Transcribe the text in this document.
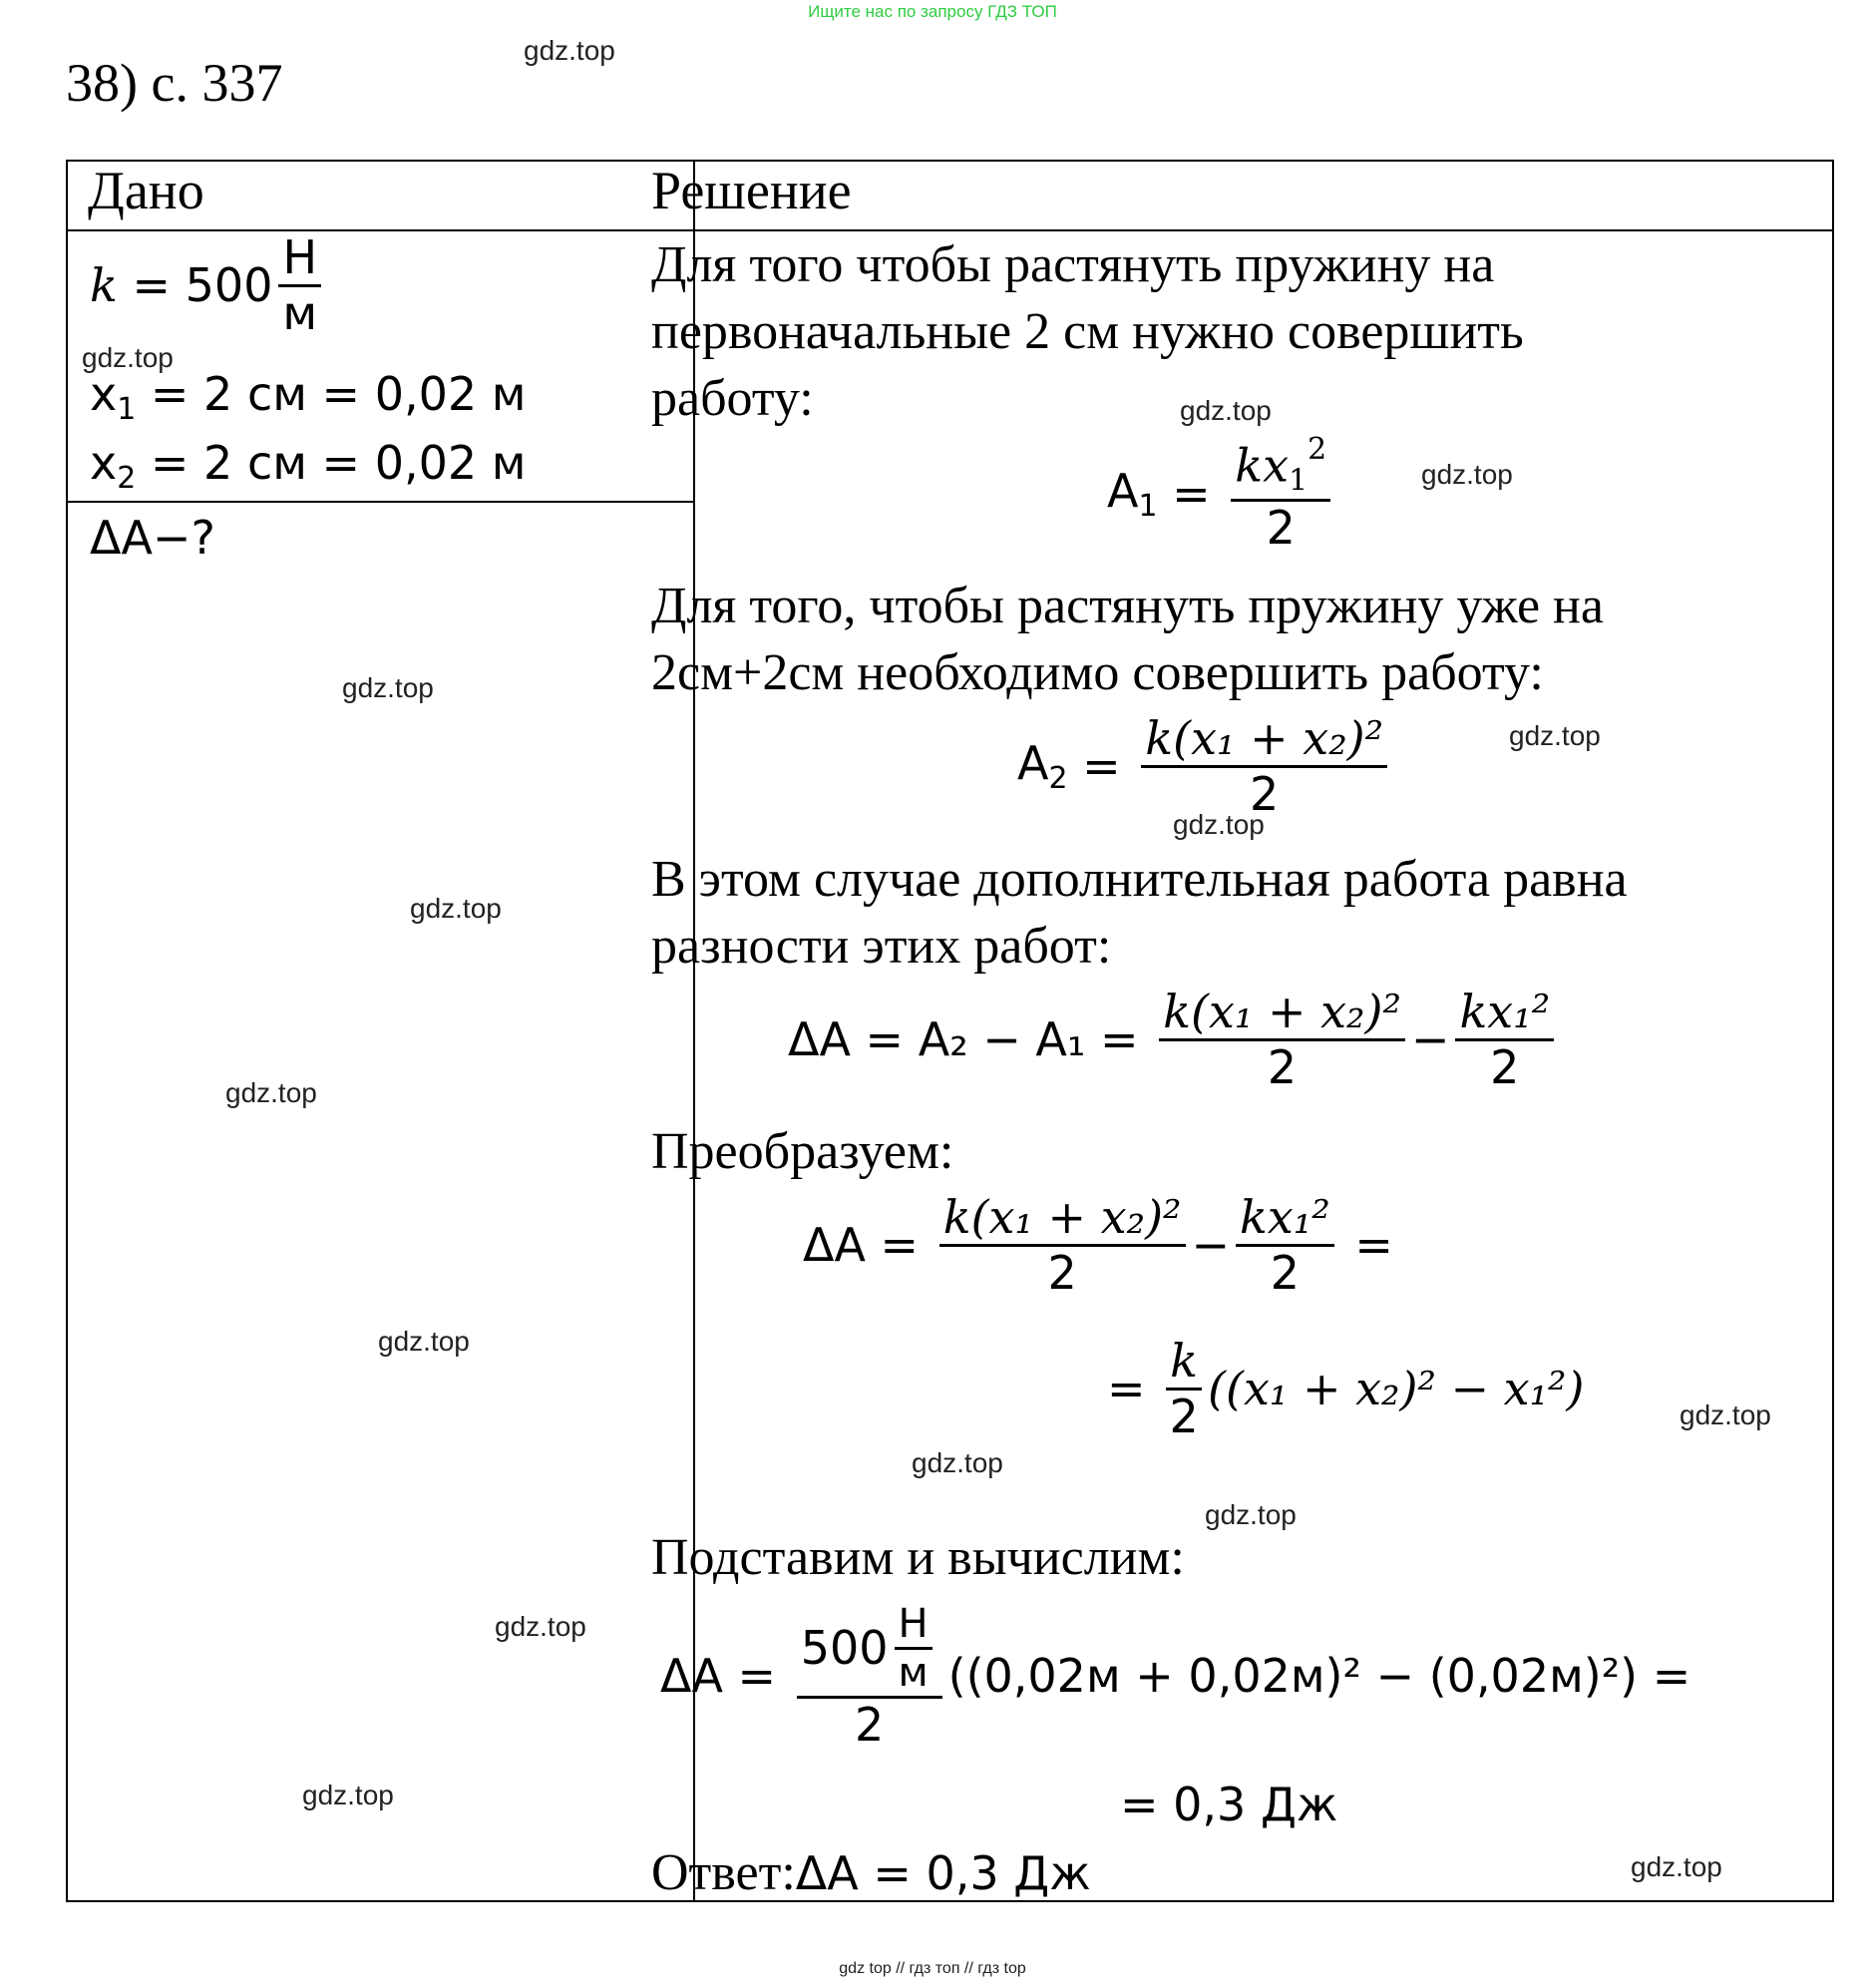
Ищите нас по запросу ГДЗ ТОП
38) с. 337
gdz.top
gdz.top
gdz.top
gdz.top
gdz.top
gdz.top
gdz.top
gdz.top
gdz.top
gdz.top
gdz.top
gdz.top
gdz.top
gdz.top
gdz.top
gdz.top
Дано
$k = 500 \frac{Н}{м}$
$x_1 = 2$ см = 0,02 м
$x_2 = 2$ см = 0,02 м
ΔA−?
Решение
Для того чтобы растянуть пружину на
первоначальные 2 см нужно совершить
работу:
$A_1 = \frac{kx_1^2}{2}$
Для того, чтобы растянуть пружину уже на
2см+2см необходимо совершить работу:
$A_2 = \frac{\text{k(x₁ + x₂)²}}{2}$
В этом случае дополнительная работа равна
разности этих работ:
$\Delta A = A_2 - A_1 = \frac{\text{k(x₁ + x₂)²}}{2} - \frac{\text{kx₁²}}{2}$
Преобразуем:
$\Delta A = \frac{\text{k(x₁ + x₂)²}}{2} - \frac{\text{kx₁²}}{2}$ =
= $\frac{k}{2} ((x_1 + x_2)^2 - x_1^2)$
Подставим и вычислим:
$\Delta A = \frac{500 \frac{Н}{м}}{2} ((0,02м + 0,02м)^2 - (0,02м)^2)$ =
= 0,3 Дж
Ответ: ΔA = 0,3 Дж
gdz top // гдз топ // гдз top
